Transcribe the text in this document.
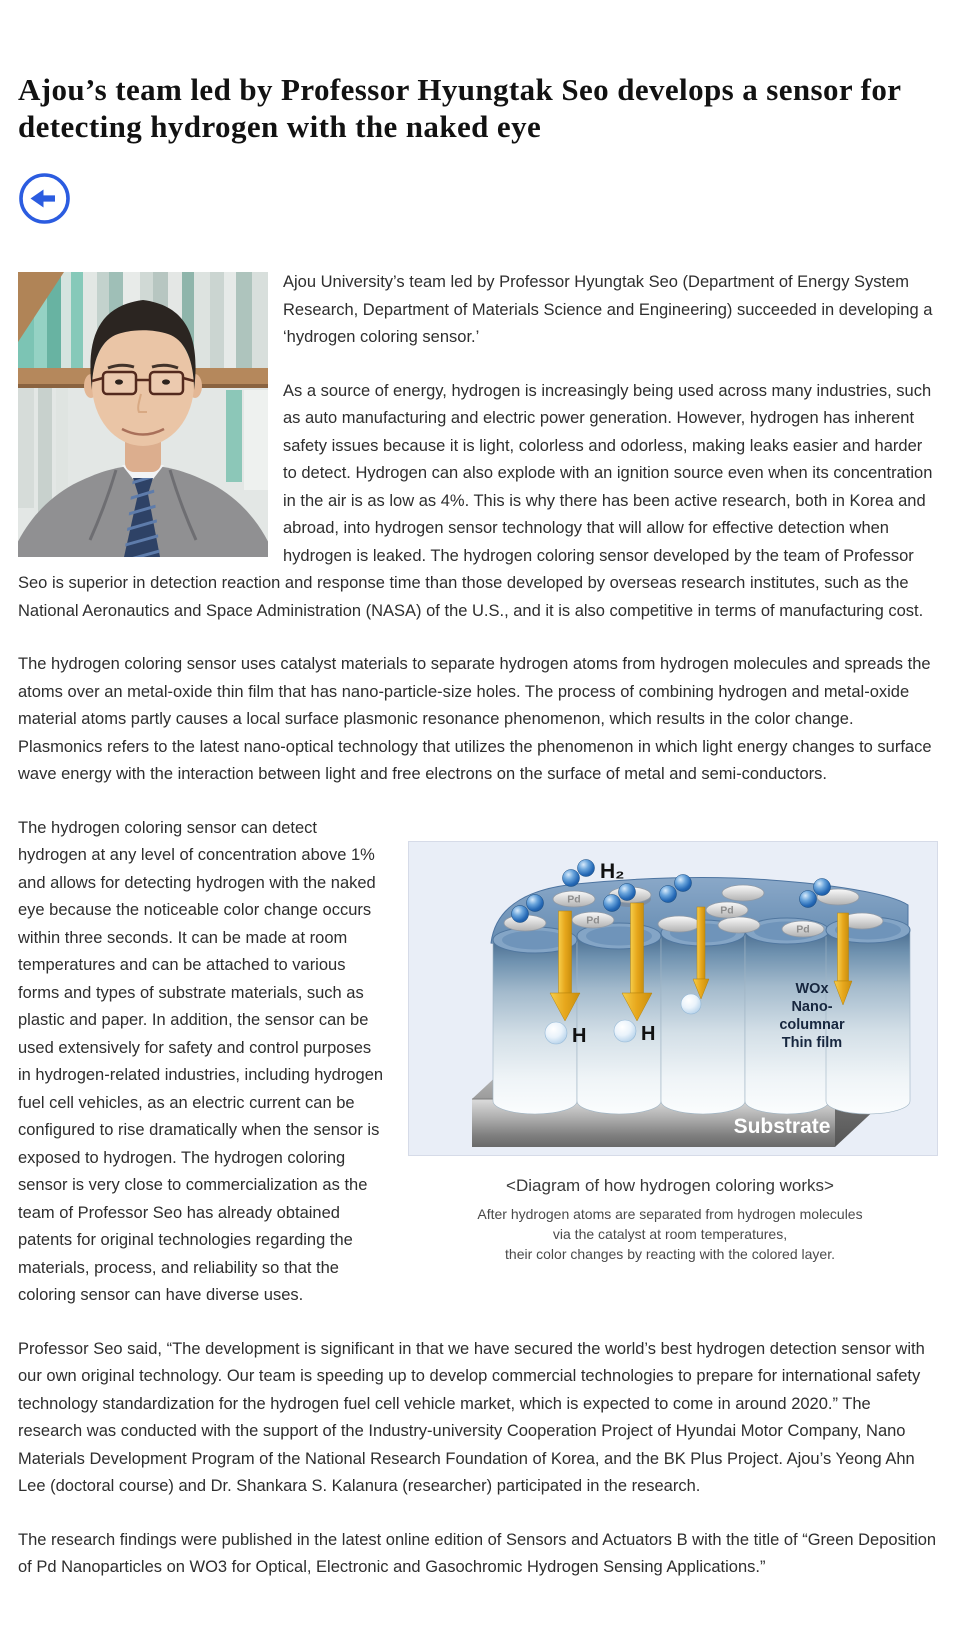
Ajou’s team led by Professor Hyungtak Seo develops a sensor for detecting hydrogen with the naked eye

Ajou University’s team led by Professor Hyungtak Seo (Department of Energy System Research, Department of Materials Science and Engineering) succeeded in developing a ‘hydrogen coloring sensor.’

As a source of energy, hydrogen is increasingly being used across many industries, such as auto manufacturing and electric power generation. However, hydrogen has inherent safety issues because it is light, colorless and odorless, making leaks easier and harder to detect. Hydrogen can also explode with an ignition source even when its concentration in the air is as low as 4%. This is why there has been active research, both in Korea and abroad, into hydrogen sensor technology that will allow for effective detection when hydrogen is leaked. The hydrogen coloring sensor developed by the team of Professor Seo is superior in detection reaction and response time than those developed by overseas research institutes, such as the National Aeronautics and Space Administration (NASA) of the U.S., and it is also competitive in terms of manufacturing cost.

The hydrogen coloring sensor uses catalyst materials to separate hydrogen atoms from hydrogen molecules and spreads the atoms over an metal-oxide thin film that has nano-particle-size holes. The process of combining hydrogen and metal-oxide material atoms partly causes a local surface plasmonic resonance phenomenon, which results in the color change. Plasmonics refers to the latest nano-optical technology that utilizes the phenomenon in which light energy changes to surface wave energy with the interaction between light and free electrons on the surface of metal and semi-conductors.

Pd
Pd
Pd
Pd
H₂
H	H
WOx
Nano-
columnar
Thin film
Substrate
<Diagram of how hydrogen coloring works>
After hydrogen atoms are separated from hydrogen molecules
via the catalyst at room temperatures,
their color changes by reacting with the colored layer.

The hydrogen coloring sensor can detect hydrogen at any level of concentration above 1% and allows for detecting hydrogen with the naked eye because the noticeable color change occurs within three seconds. It can be made at room temperatures and can be attached to various forms and types of substrate materials, such as plastic and paper. In addition, the sensor can be used extensively for safety and control purposes in hydrogen-related industries, including hydrogen fuel cell vehicles, as an electric current can be configured to rise dramatically when the sensor is exposed to hydrogen. The hydrogen coloring sensor is very close to commercialization as the team of Professor Seo has already obtained patents for original technologies regarding the materials, process, and reliability so that the coloring sensor can have diverse uses.

Professor Seo said, “The development is significant in that we have secured the world’s best hydrogen detection sensor with our own original technology. Our team is speeding up to develop commercial technologies to prepare for international safety technology standardization for the hydrogen fuel cell vehicle market, which is expected to come in around 2020.” The research was conducted with the support of the Industry-university Cooperation Project of Hyundai Motor Company, Nano Materials Development Program of the National Research Foundation of Korea, and the BK Plus Project. Ajou’s Yeong Ahn Lee (doctoral course) and Dr. Shankara S. Kalanura (researcher) participated in the research.

The research findings were published in the latest online edition of Sensors and Actuators B with the title of “Green Deposition of Pd Nanoparticles on WO3 for Optical, Electronic and Gasochromic Hydrogen Sensing Applications.”
